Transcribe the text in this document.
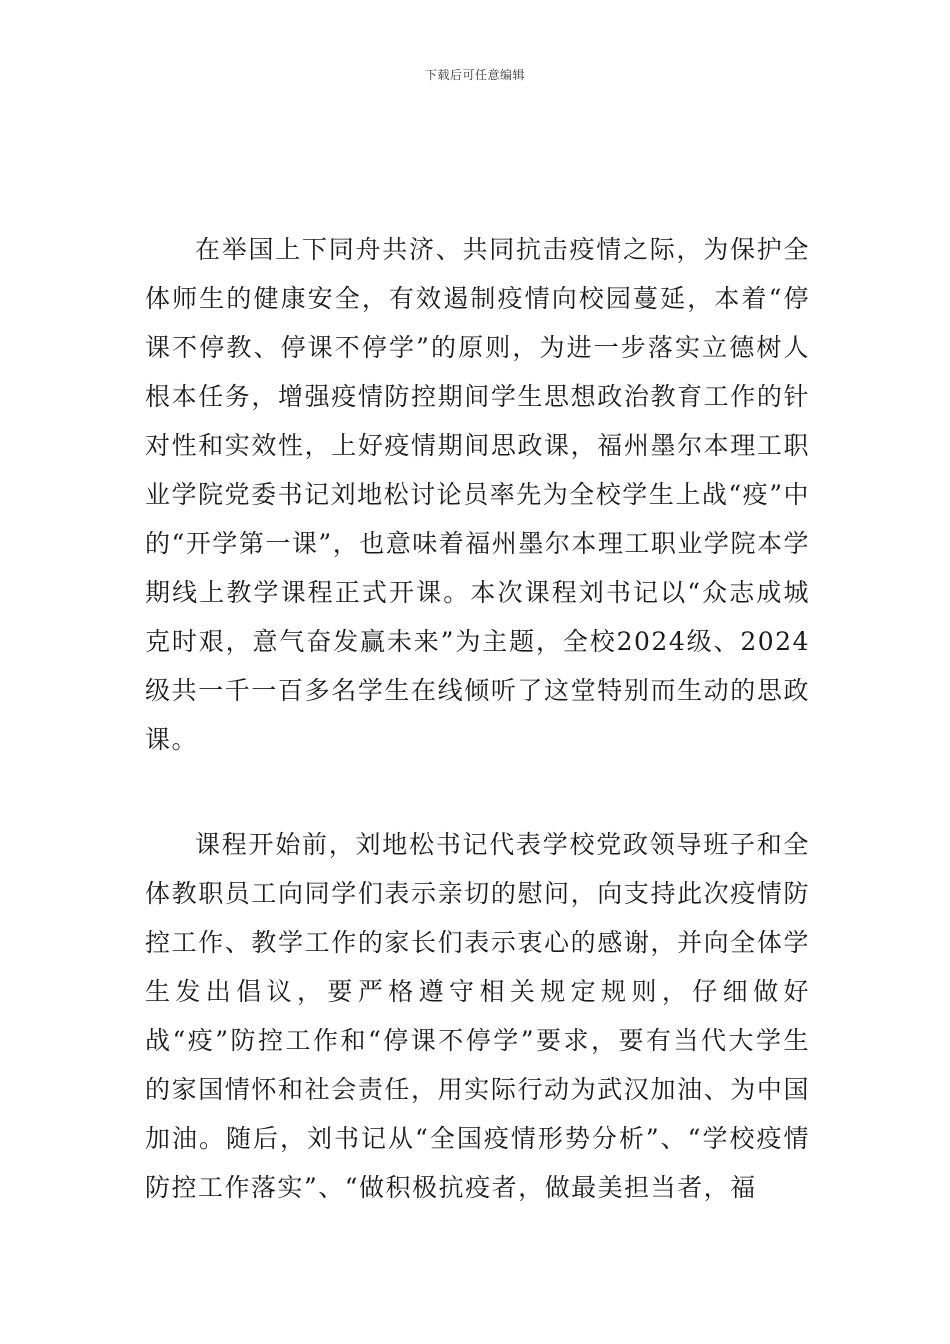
下载后可任意编辑

在举国上下同舟共济、共同抗击疫情之际，为保护全体师生的健康安全，有效遏制疫情向校园蔓延，本着“停课不停教、停课不停学”的原则，为进一步落实立德树人根本任务，增强疫情防控期间学生思想政治教育工作的针对性和实效性，上好疫情期间思政课，福州墨尔本理工职业学院党委书记刘地松讨论员率先为全校学生上战“疫”中的“开学第一课”，也意味着福州墨尔本理工职业学院本学期线上教学课程正式开课。本次课程刘书记以“众志成城克时艰，意气奋发赢未来”为主题，全校2024级、2024级共一千一百多名学生在线倾听了这堂特别而生动的思政课。

课程开始前，刘地松书记代表学校党政领导班子和全体教职员工向同学们表示亲切的慰问，向支持此次疫情防控工作、教学工作的家长们表示衷心的感谢，并向全体学生发出倡议，要严格遵守相关规定规则，仔细做好战“疫”防控工作和“停课不停学”要求，要有当代大学生的家国情怀和社会责任，用实际行动为武汉加油、为中国加油。随后，刘书记从“全国疫情形势分析”、“学校疫情防控工作落实”、“做积极抗疫者，做最美担当者，福
